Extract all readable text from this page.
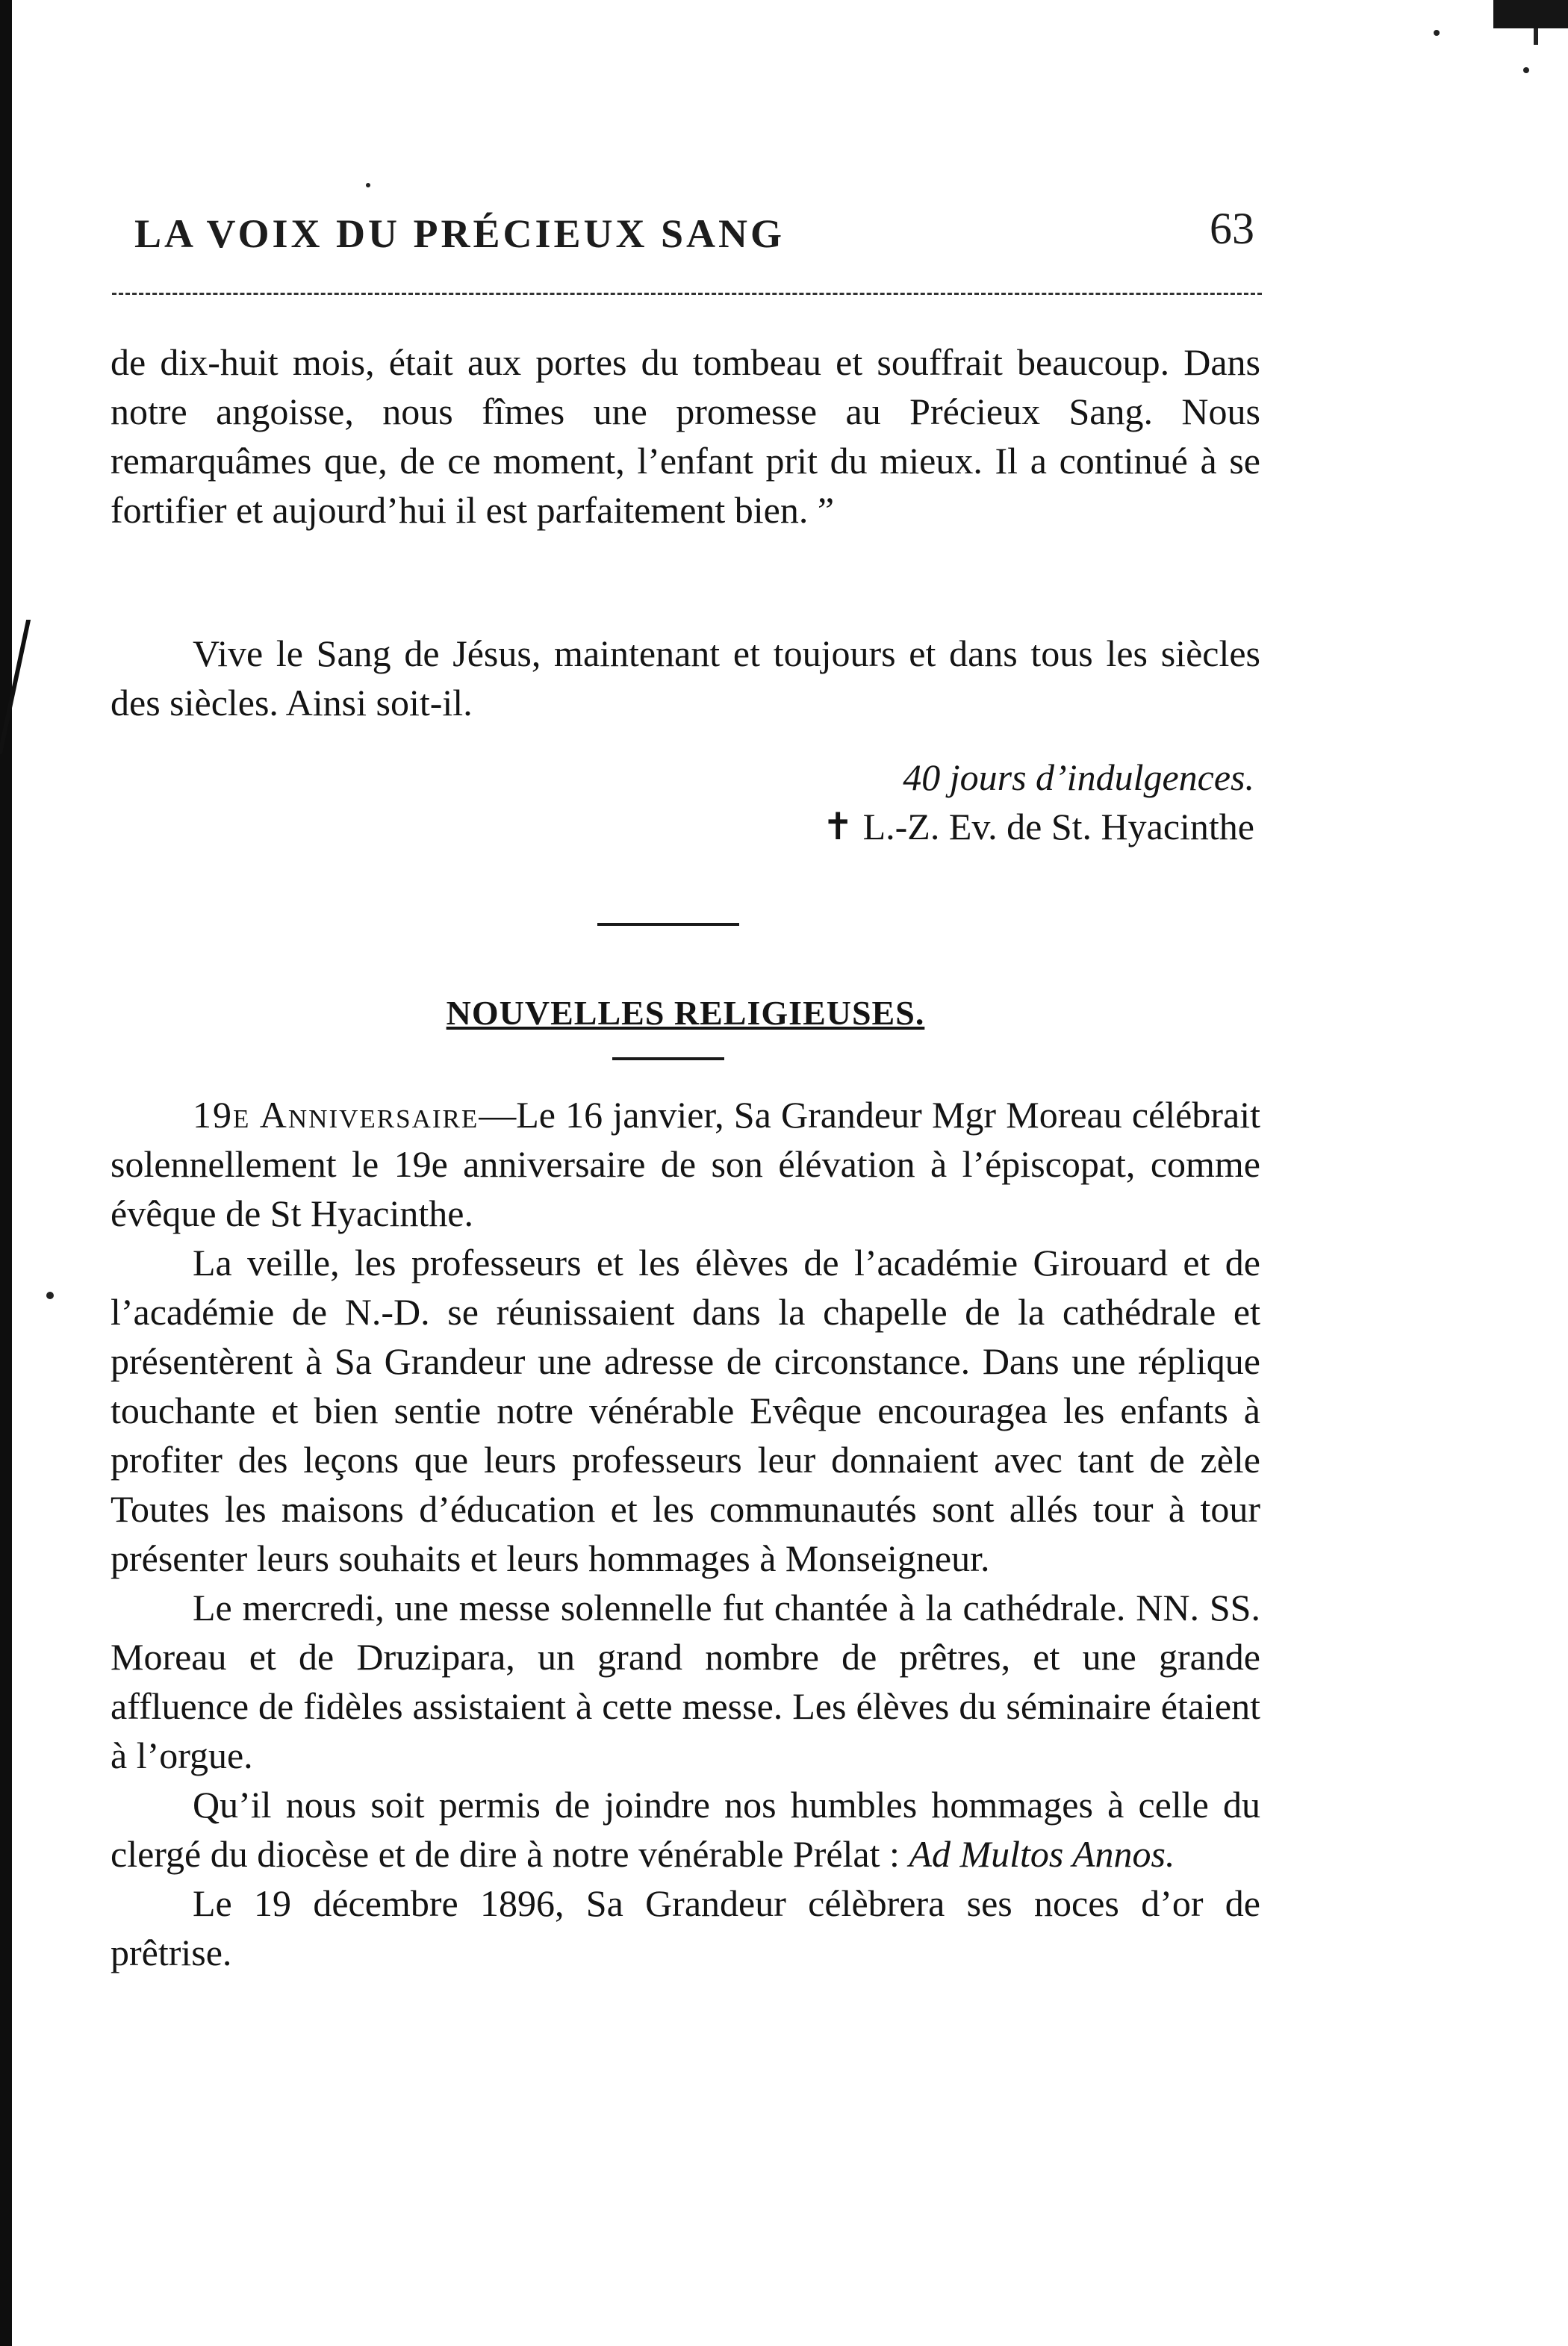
LA VOIX DU PRÉCIEUX SANG	63

de dix-huit mois, était aux portes du tombeau et souffrait beaucoup. Dans notre angoisse, nous fîmes une promesse au Précieux Sang. Nous remarquâmes que, de ce moment, l’enfant prit du mieux. Il a continué à se fortifier et aujourd’hui il est parfaitement bien. ”

Vive le Sang de Jésus, maintenant et toujours et dans tous les siècles des siècles. Ainsi soit-il.

40 jours d’indulgences.
✝ L.-Z. Ev. de St. Hyacinthe
NOUVELLES RELIGIEUSES.

19e Anniversaire—Le 16 janvier, Sa Grandeur Mgr Moreau célébrait solennellement le 19e anniversaire de son élévation à l’épiscopat, comme évêque de St Hyacinthe.

La veille, les professeurs et les élèves de l’académie Girouard et de l’académie de N.-D. se réunissaient dans la chapelle de la cathédrale et présentèrent à Sa Grandeur une adresse de circonstance. Dans une réplique touchante et bien sentie notre vénérable Evêque encouragea les enfants à profiter des leçons que leurs professeurs leur donnaient avec tant de zèle Toutes les maisons d’éducation et les communautés sont allés tour à tour présenter leurs souhaits et leurs hommages à Monseigneur.

Le mercredi, une messe solennelle fut chantée à la cathédrale. NN. SS. Moreau et de Druzipara, un grand nombre de prêtres, et une grande affluence de fidèles assistaient à cette messe. Les élèves du séminaire étaient à l’orgue.

Qu’il nous soit permis de joindre nos humbles hommages à celle du clergé du diocèse et de dire à notre vénérable Prélat : Ad Multos Annos.

Le 19 décembre 1896, Sa Grandeur célèbrera ses noces d’or de prêtrise.
